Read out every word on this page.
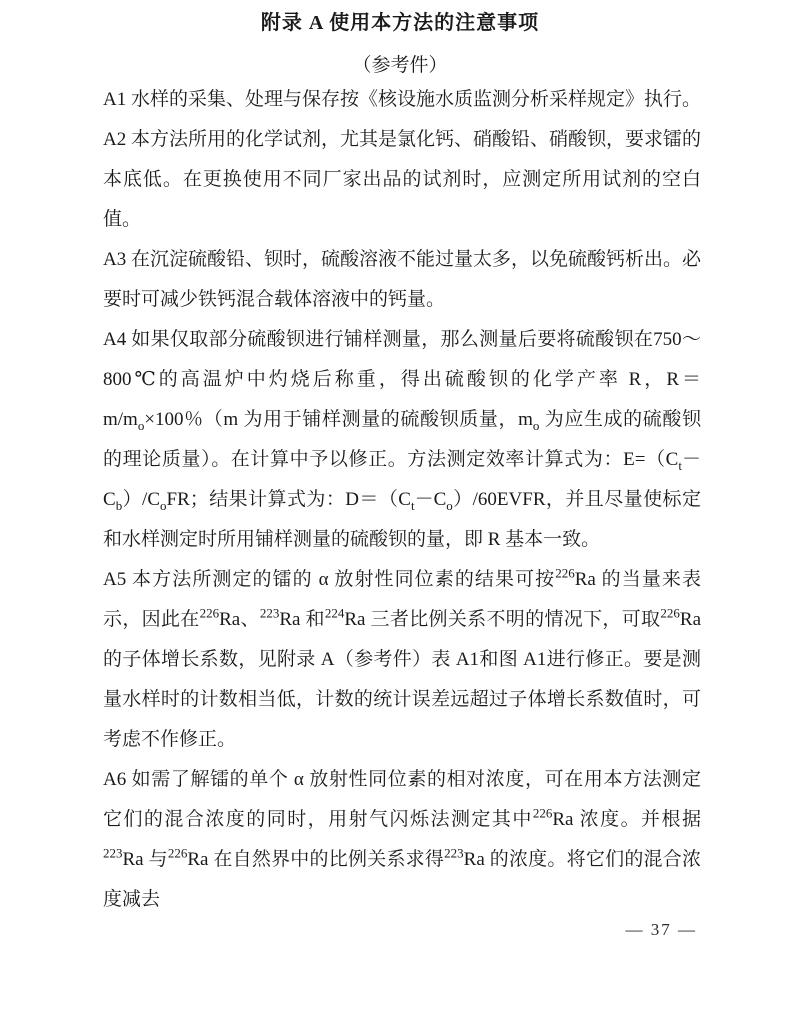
附录 A 使用本方法的注意事项
（参考件）

A1 水样的采集、处理与保存按《核设施水质监测分析采样规定》执行。

A2 本方法所用的化学试剂，尤其是氯化钙、硝酸铅、硝酸钡，要求镭的本底低。在更换使用不同厂家出品的试剂时，应测定所用试剂的空白值。

A3 在沉淀硫酸铅、钡时，硫酸溶液不能过量太多，以免硫酸钙析出。必要时可减少铁钙混合载体溶液中的钙量。

A4 如果仅取部分硫酸钡进行铺样测量，那么测量后要将硫酸钡在750～800℃的高温炉中灼烧后称重，得出硫酸钡的化学产率 R，$R=m/m_o\times 100$％（m 为用于铺样测量的硫酸钡质量，$m_o$ 为应生成的硫酸钡的理论质量）。在计算中予以修正。方法测定效率计算式为：$E=(C_t-C_b)/C_oFR$；结果计算式为：$D=(C_t-C_o)/60EVFR$，并且尽量使标定和水样测定时所用铺样测量的硫酸钡的量，即 R 基本一致。

A5 本方法所测定的镭的 α 放射性同位素的结果可按$^{226}$Ra 的当量来表示，因此在$^{226}$Ra、$^{223}$Ra 和$^{224}$Ra 三者比例关系不明的情况下，可取$^{226}$Ra 的子体增长系数，见附录 A（参考件）表 A1和图 A1进行修正。要是测量水样时的计数相当低，计数的统计误差远超过子体增长系数值时，可考虑不作修正。

A6 如需了解镭的单个 α 放射性同位素的相对浓度，可在用本方法测定它们的混合浓度的同时，用射气闪烁法测定其中$^{226}$Ra 浓度。并根据$^{223}$Ra 与$^{226}$Ra 在自然界中的比例关系求得$^{223}$Ra 的浓度。将它们的混合浓度减去

— 37 —
